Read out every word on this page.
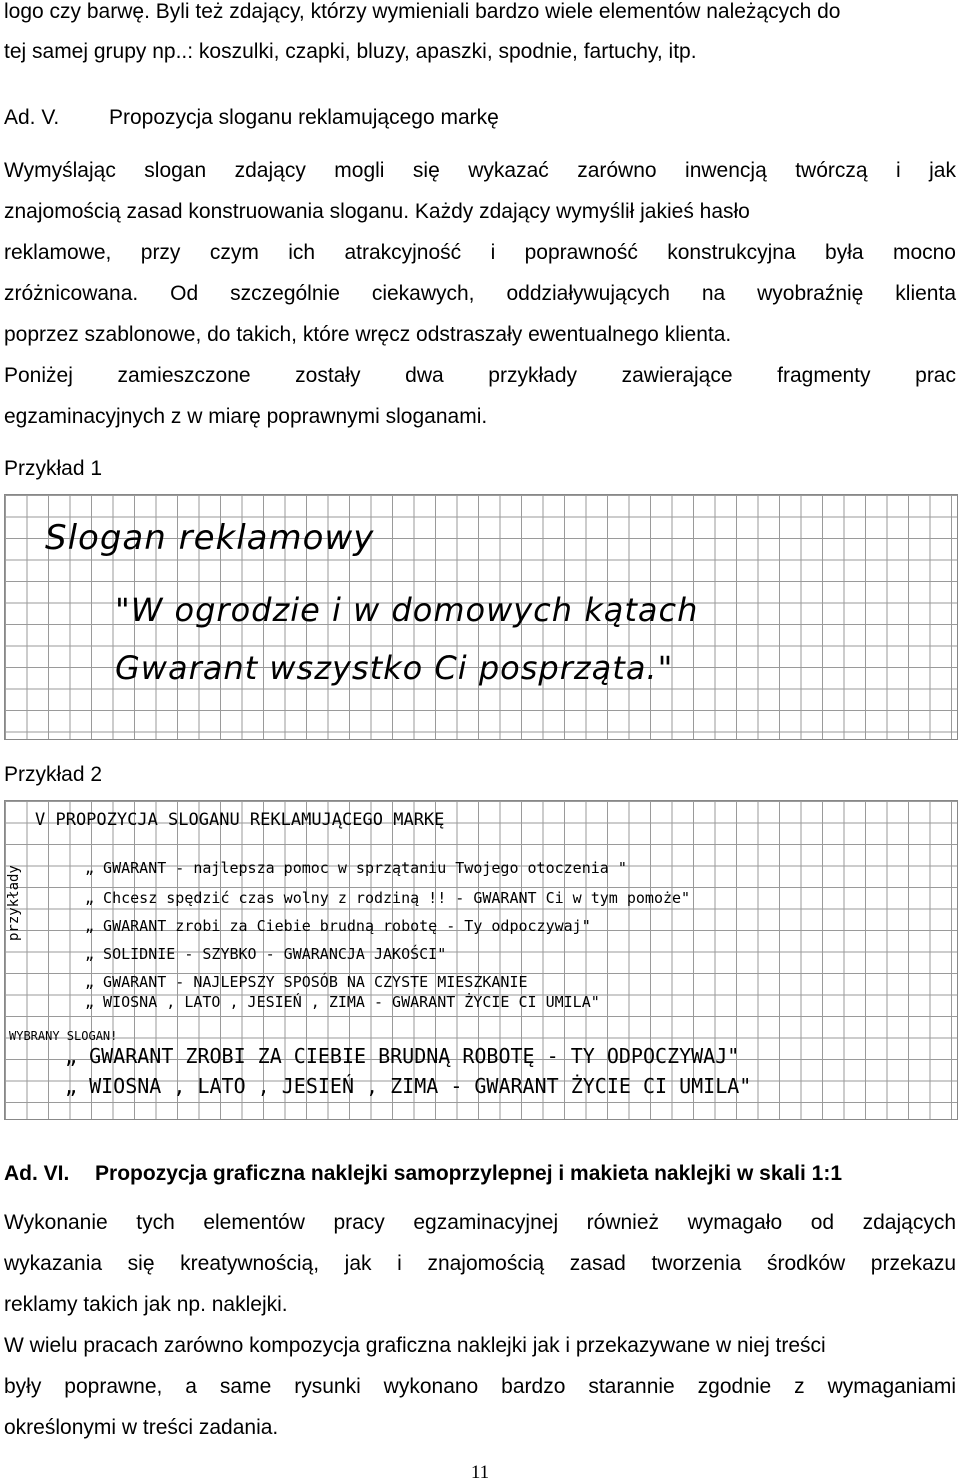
logo czy barwę. Byli też zdający, którzy wymieniali bardzo wiele elementów należących do
tej samej grupy np..: koszulki, czapki, bluzy, apaszki, spodnie, fartuchy, itp.
Ad. V. Propozycja sloganu reklamującego markę
Wymyślając slogan zdający mogli się wykazać zarówno inwencją twórczą i jak
znajomością zasad konstruowania sloganu. Każdy zdający wymyślił jakieś hasło
reklamowe, przy czym ich atrakcyjność i poprawność konstrukcyjna była mocno
zróżnicowana. Od szczególnie ciekawych, oddziaływujących na wyobraźnię klienta
poprzez szablonowe, do takich, które wręcz odstraszały ewentualnego klienta.
Poniżej zamieszczone zostały dwa przykłady zawierające fragmenty prac
egzaminacyjnych z w miarę poprawnymi sloganami.
Przykład 1
Slogan reklamowy
"W ogrodzie i w domowych kątach
Gwarant wszystko Ci posprząta."
Przykład 2
V PROPOZYCJA SLOGANU REKLAMUJĄCEGO MARKĘ
przykłady	„ GWARANT - najlepsza pomoc w sprzątaniu Twojego otoczenia "
„ Chcesz spędzić czas wolny z rodziną !! - GWARANT Ci w tym pomoże"
„ GWARANT zrobi za Ciebie brudną robotę - Ty odpoczywaj"
„ SOLIDNIE - SZYBKO - GWARANCJA JAKOŚCI"
„ GWARANT - NAJLEPSZY SPOSÓB NA CZYSTE MIESZKANIE
„ WIOSNA , LATO , JESIEŃ , ZIMA - GWARANT ŻYCIE CI UMILA"
WYBRANY SLOGAN!
„ GWARANT ZROBI ZA CIEBIE BRUDNĄ ROBOTĘ - TY ODPOCZYWAJ"
„ WIOSNA , LATO , JESIEŃ , ZIMA - GWARANT ŻYCIE CI UMILA"
Ad. VI. Propozycja graficzna naklejki samoprzylepnej i makieta naklejki w skali 1:1
Wykonanie tych elementów pracy egzaminacyjnej również wymagało od zdających
wykazania się kreatywnością, jak i znajomością zasad tworzenia środków przekazu
reklamy takich jak np. naklejki.
W wielu pracach zarówno kompozycja graficzna naklejki jak i przekazywane w niej treści
były poprawne, a same rysunki wykonano bardzo starannie zgodnie z wymaganiami
określonymi w treści zadania.
11
